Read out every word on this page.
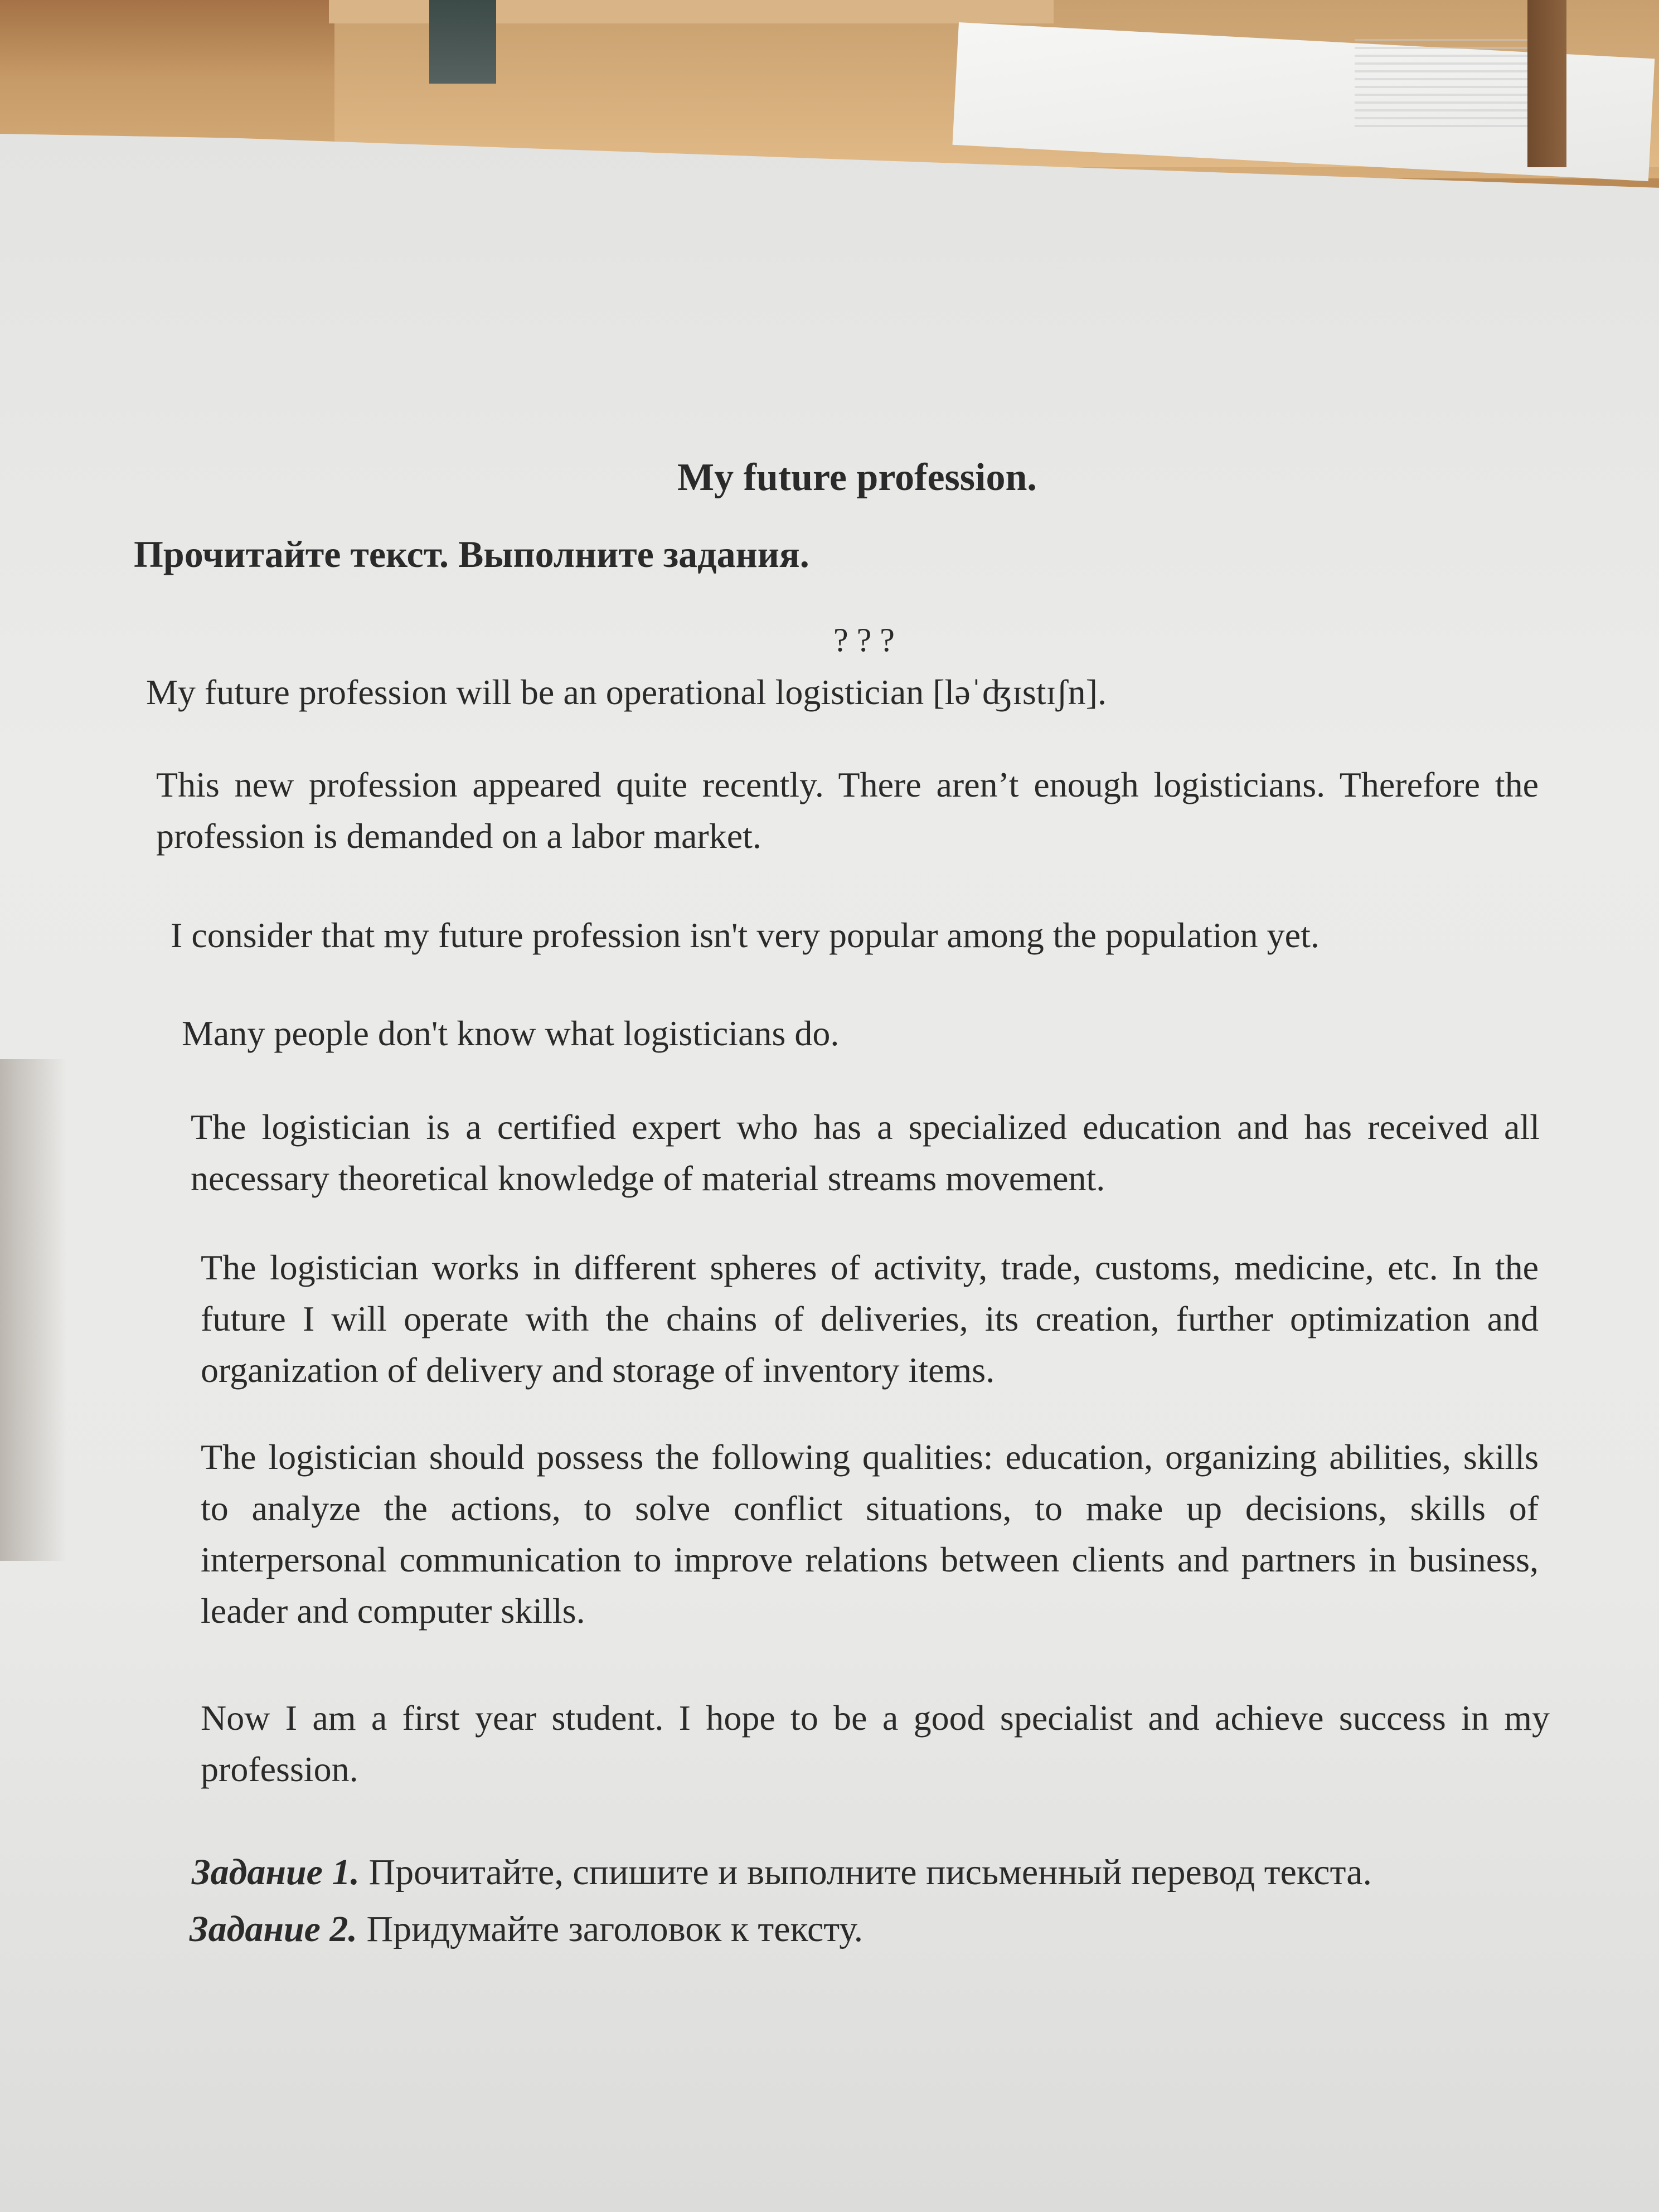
My future profession.
Прочитайте текст. Выполните задания.
? ? ?
My future profession will be an operational logistician [ləˈʤɪstɪʃn].
This new profession appeared quite recently. There aren’t enough logisticians. Therefore the profession is demanded on a labor market.
I consider that my future profession isn't very popular among the population yet.
Many people don't know what logisticians do.
The logistician is a certified expert who has a specialized education and has received all necessary theoretical knowledge of material streams movement.
The logistician works in different spheres of activity, trade, customs, medicine, etc. In the future I will operate with the chains of deliveries, its creation, further optimization and organization of delivery and storage of inventory items.
The logistician should possess the following qualities: education, organizing abilities, skills to analyze the actions, to solve conflict situations, to make up decisions, skills of interpersonal communication to improve relations between clients and partners in business, leader and computer skills.
Now I am a first year student. I hope to be a good specialist and achieve success in my profession.
Задание 1. Прочитайте, спишите и выполните письменный перевод текста.
Задание 2. Придумайте заголовок к тексту.
